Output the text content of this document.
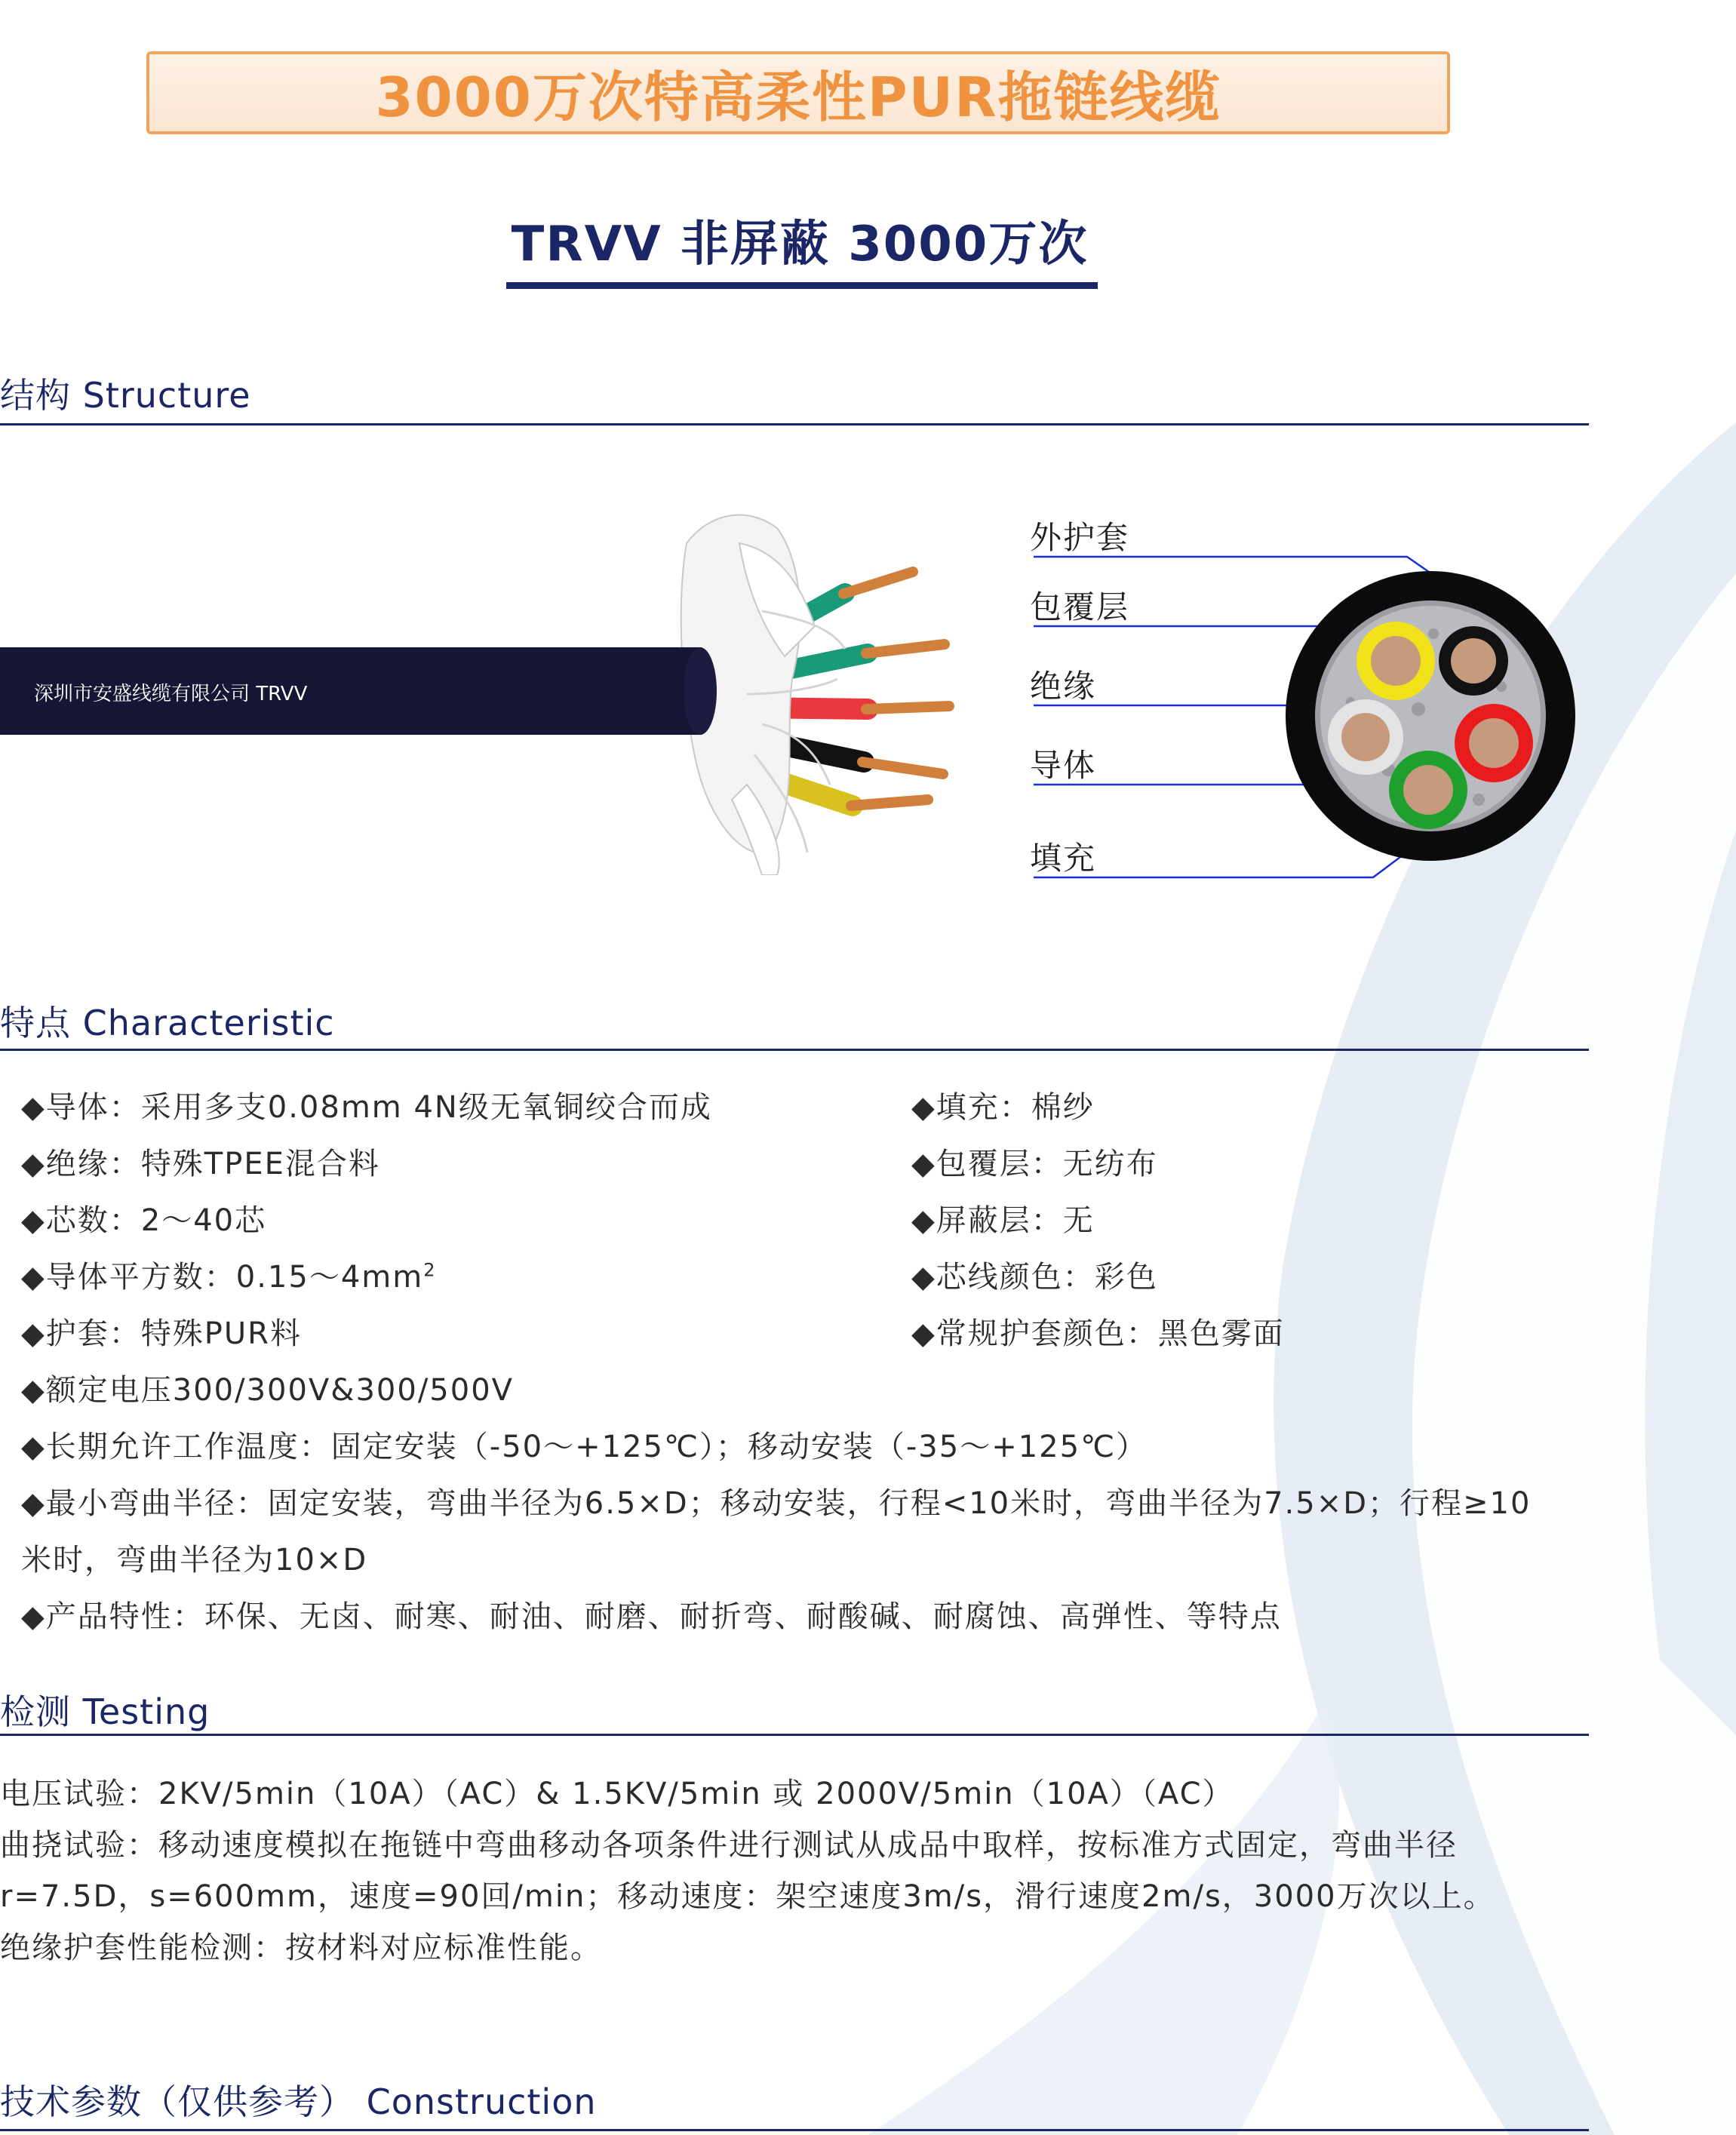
3000万次特高柔性PUR拖链线缆
TRVV 非屏蔽 3000万次
结构 Structure
深圳市安盛线缆有限公司 TRVV
外护套
包覆层
绝缘
导体
填充
特点 Characteristic
◆导体：采用多支0.08mm 4N级无氧铜绞合而成
◆绝缘：特殊TPEE混合料
◆芯数：2～40芯
◆导体平方数：$0.15\sim 4mm^2$
◆护套：特殊PUR料
◆填充：棉纱
◆包覆层：无纺布
◆屏蔽层：无
◆芯线颜色：彩色
◆常规护套颜色：黑色雾面
◆额定电压300/300V&300/500V
◆长期允许工作温度：固定安装（-50～+125℃）；移动安装（-35～+125℃）
◆最小弯曲半径：固定安装，弯曲半径为6.5×D；移动安装，行程<10米时，弯曲半径为7.5×D；行程≥10
米时，弯曲半径为10×D
◆产品特性：环保、无卤、耐寒、耐油、耐磨、耐折弯、耐酸碱、耐腐蚀、高弹性、等特点
检测 Testing
电压试验：2KV/5min（10A）（AC）& 1.5KV/5min 或 2000V/5min（10A）（AC）
曲挠试验：移动速度模拟在拖链中弯曲移动各项条件进行测试从成品中取样，按标准方式固定，弯曲半径
r=7.5D，s=600mm，速度=90回/min；移动速度：架空速度3m/s，滑行速度2m/s，3000万次以上。
绝缘护套性能检测：按材料对应标准性能。
技术参数（仅供参考） Construction
